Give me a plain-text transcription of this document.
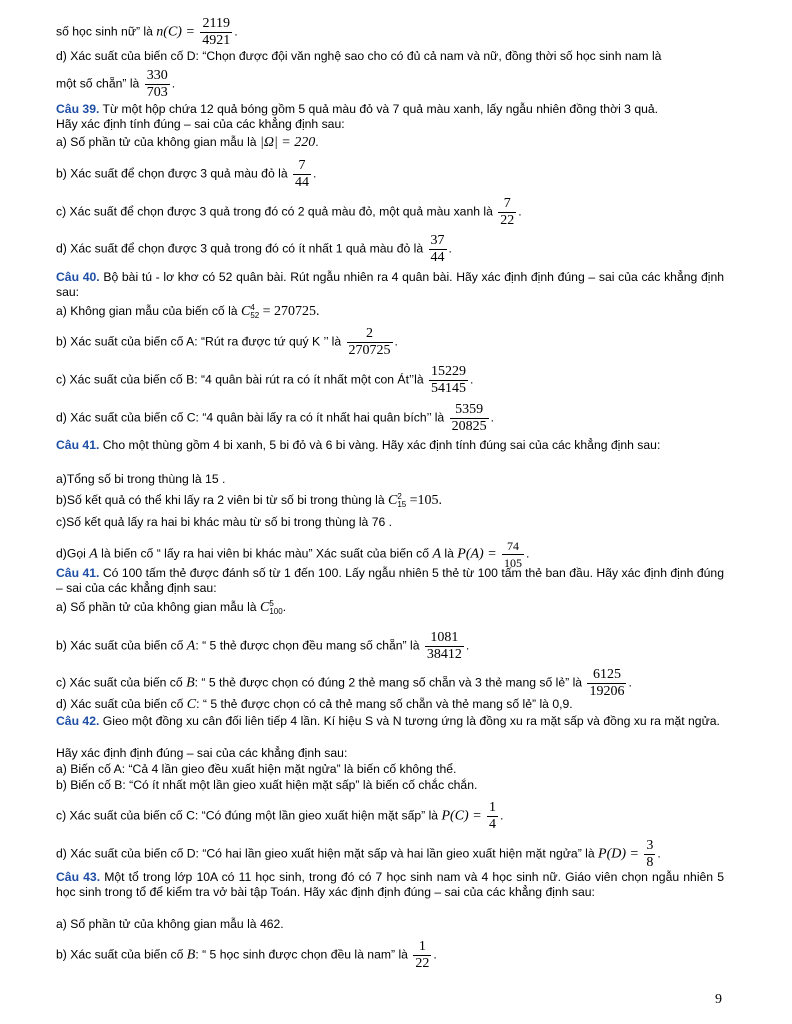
số học sinh nữ” là $n(C) = \frac{2119}{4921}$ .
d) Xác suất của biến cố D: “Chọn được đội văn nghệ sao cho có đủ cả nam và nữ, đồng thời số học sinh nam là
một số chẵn” là $\frac{330}{703}$ .
Câu 39. Từ một hộp chứa 12 quả bóng gồm 5 quả màu đỏ và 7 quả màu xanh, lấy ngẫu nhiên đồng thời 3 quả.
Hãy xác định tính đúng – sai của các khẳng định sau:
a) Số phần tử của không gian mẫu là |Ω| = 220.
b) Xác suất để chọn được 3 quả màu đỏ là $\frac{7}{44}$ .
c) Xác suất để chọn được 3 quả trong đó có 2 quả màu đỏ, một quả màu xanh là $\frac{7}{22}$ .
d) Xác suất để chọn được 3 quả trong đó có ít nhất 1 quả màu đỏ là $\frac{37}{44}$ .
Câu 40. Bộ bài tú - lơ khơ có 52 quân bài. Rút ngẫu nhiên ra 4 quân bài. Hãy xác định định đúng – sai của các khẳng định sau:
a) Không gian mẫu của biến cố là C4
52 = 270725.
b) Xác suất của biến cố A: “Rút ra được tứ quý K ’’ là $\frac{2}{270725}$ .
c) Xác suất của biến cố B: “4 quân bài rút ra có ít nhất một con Át’’là $\frac{15229}{54145}$ .
d) Xác suất của biến cố C: “4 quân bài lấy ra có ít nhất hai quân bích’’ là $\frac{5359}{20825}$ .
Câu 41. Cho một thùng gồm 4 bi xanh, 5 bi đỏ và 6 bi vàng. Hãy xác định tính đúng sai của các khẳng định sau:
a)Tổng số bi trong thùng là 15 .
b)Số kết quả có thể khi lấy ra 2 viên bi từ số bi trong thùng là C2
15 =105.
c)Số kết quả lấy ra hai bi khác màu từ số bi trong thùng là 76 .
d)Gọi A là biến cố “ lấy ra hai viên bi khác màu” Xác suất của biến cố A là $P(A) = \frac{74}{105}$ .
Câu 41. Có 100 tấm thẻ được đánh số từ 1 đến 100. Lấy ngẫu nhiên 5 thẻ từ 100 tấm thẻ ban đầu. Hãy xác định định đúng – sai của các khẳng định sau:
a) Số phần tử của không gian mẫu là C5
100.
b) Xác suất của biến cố A: “ 5 thẻ được chọn đều mang số chẵn” là $\frac{1081}{38412}$ .
c) Xác suất của biến cố B: “ 5 thẻ được chọn có đúng 2 thẻ mang số chẵn và 3 thẻ mang số lẻ” là $\frac{6125}{19206}$ .
d) Xác suất của biến cố C: “ 5 thẻ được chọn có cả thẻ mang số chẵn và thẻ mang số lẻ” là 0,9.
Câu 42. Gieo một đồng xu cân đối liên tiếp 4 lần. Kí hiệu S và N tương ứng là đồng xu ra mặt sấp và đồng xu ra mặt ngửa.
Hãy xác định định đúng – sai của các khẳng định sau:
a) Biến cố A: “Cả 4 lần gieo đều xuất hiện mặt ngửa” là biến cố không thể.
b) Biến cố B: “Có ít nhất một lần gieo xuất hiện mặt sấp” là biến cố chắc chắn.
c) Xác suất của biến cố C: “Có đúng một lần gieo xuất hiện mặt sấp” là $P(C) = \frac{1}{4}$ .
d) Xác suất của biến cố D: “Có hai lần gieo xuất hiện mặt sấp và hai lần gieo xuất hiện mặt ngửa” là $P(D) = \frac{3}{8}$ .
Câu 43. Một tổ trong lớp 10A có 11 học sinh, trong đó có 7 học sinh nam và 4 học sinh nữ. Giáo viên chọn ngẫu nhiên 5 học sinh trong tổ để kiểm tra vở bài tập Toán. Hãy xác định định đúng – sai của các khẳng định sau:
a) Số phần tử của không gian mẫu là 462.
b) Xác suất của biến cố B: “ 5 học sinh được chọn đều là nam” là $\frac{1}{22}$ .
9
